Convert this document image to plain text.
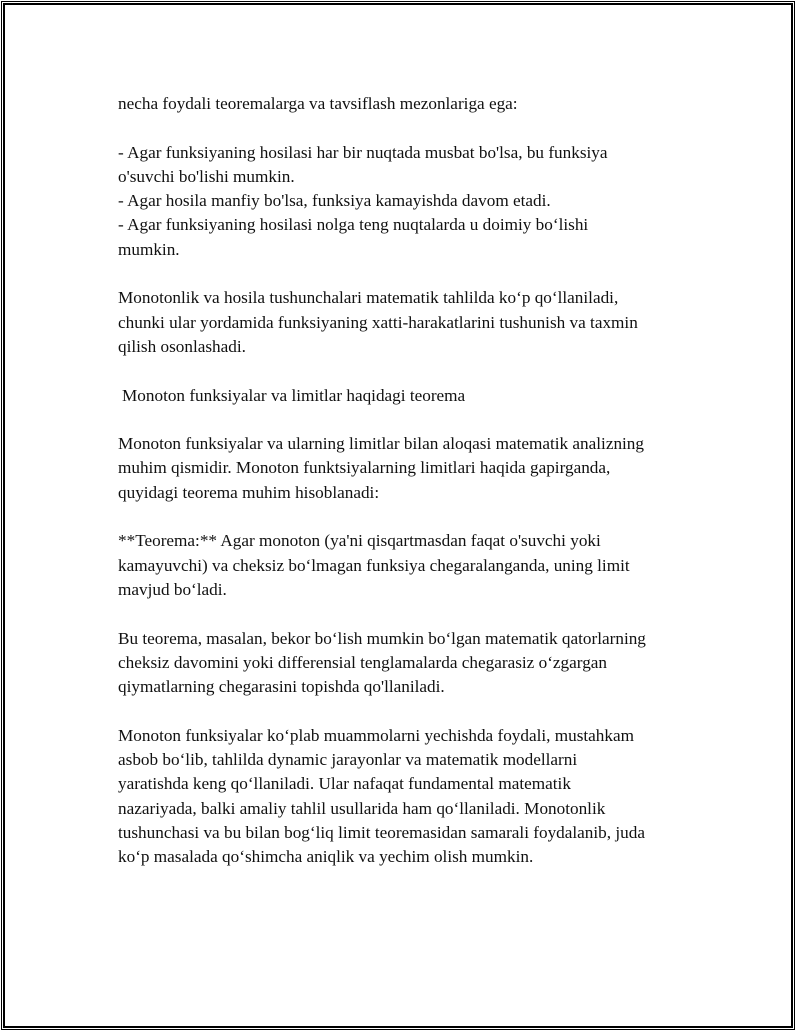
necha foydali teoremalarga va tavsiflash mezonlariga ega:

- Agar funksiyaning hosilasi har bir nuqtada musbat bo'lsa, bu funksiya
o'suvchi bo'lishi mumkin.
- Agar hosila manfiy bo'lsa, funksiya kamayishda davom etadi.
- Agar funksiyaning hosilasi nolga teng nuqtalarda u doimiy bo‘lishi
mumkin.

Monotonlik va hosila tushunchalari matematik tahlilda ko‘p qo‘llaniladi,
chunki ular yordamida funksiyaning xatti-harakatlarini tushunish va taxmin
qilish osonlashadi.

Monoton funksiyalar va limitlar haqidagi teorema

Monoton funksiyalar va ularning limitlar bilan aloqasi matematik analizning
muhim qismidir. Monoton funktsiyalarning limitlari haqida gapirganda,
quyidagi teorema muhim hisoblanadi:

**Teorema:** Agar monoton (ya'ni qisqartmasdan faqat o'suvchi yoki
kamayuvchi) va cheksiz bo‘lmagan funksiya chegaralanganda, uning limit
mavjud bo‘ladi.

Bu teorema, masalan, bekor bo‘lish mumkin bo‘lgan matematik qatorlarning
cheksiz davomini yoki differensial tenglamalarda chegarasiz o‘zgargan
qiymatlarning chegarasini topishda qo'llaniladi.

Monoton funksiyalar ko‘plab muammolarni yechishda foydali, mustahkam
asbob bo‘lib, tahlilda dynamic jarayonlar va matematik modellarni
yaratishda keng qo‘llaniladi. Ular nafaqat fundamental matematik
nazariyada, balki amaliy tahlil usullarida ham qo‘llaniladi. Monotonlik
tushunchasi va bu bilan bog‘liq limit teoremasidan samarali foydalanib, juda
ko‘p masalada qo‘shimcha aniqlik va yechim olish mumkin.
